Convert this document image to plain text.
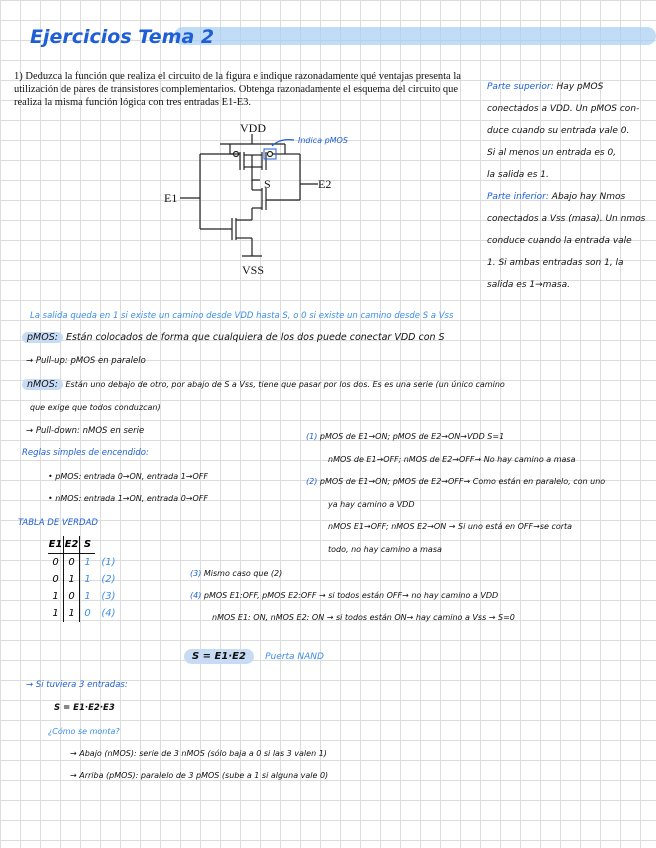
Ejercicios Tema 2
1) Deduzca la función que realiza el circuito de la figura e indique razonadamente qué ventajas presenta la utilización de pares de transistores complementarios. Obtenga razonadamente el esquema del circuito que realiza la misma función lógica con tres entradas E1-E3.
Indica pMOS
VDD
VSS
E1
E2
S
Parte superior: Hay pMOS
conectados a VDD. Un pMOS con-
duce cuando su entrada vale 0.
Si al menos un entrada es 0,
la salida es 1.
Parte inferior: Abajo hay Nmos
conectados a Vss (masa). Un nmos
conduce cuando la entrada vale
1. Si ambas entradas son 1, la
salida es 1→masa.
La salida queda en 1 si existe un camino desde VDD hasta S, o 0 si existe un camino desde S a Vss
pMOS: Están colocados de forma que cualquiera de los dos puede conectar VDD con S
→ Pull-up: pMOS en paralelo
nMOS: Están uno debajo de otro, por abajo de S a Vss, tiene que pasar por los dos. Es es una serie (un único camino
que exige que todos conduzcan)
→ Pull-down: nMOS en serie
Reglas simples de encendido:
• pMOS: entrada 0→ON, entrada 1→OFF
• nMOS: entrada 1→ON, entrada 0→OFF
(1) pMOS de E1→ON; pMOS de E2→ON→VDD S=1
nMOS de E1→OFF; nMOS de E2→OFF→ No hay camino a masa
(2) pMOS de E1→ON; pMOS de E2→OFF→ Como están en paralelo, con uno
ya hay camino a VDD
nMOS E1→OFF; nMOS E2→ON → Si uno está en OFF→se corta
todo, no hay camino a masa
TABLA DE VERDAD
E1	E2	S	
0	0	1	(1)
0	1	1	(2)
1	0	1	(3)
1	1	0	(4)
(3) Mismo caso que (2)
(4) pMOS E1:OFF, pMOS E2:OFF → si todos están OFF→ no hay camino a VDD
nMOS E1: ON, nMOS E2: ON → si todos están ON→ hay camino a Vss → S=0
S = E1·E2 Puerta NAND
→ Si tuviera 3 entradas:
S = E1·E2·E3
¿Cómo se monta?
→ Abajo (nMOS): serie de 3 nMOS (sólo baja a 0 si las 3 valen 1)
→ Arriba (pMOS): paralelo de 3 pMOS (sube a 1 si alguna vale 0)
